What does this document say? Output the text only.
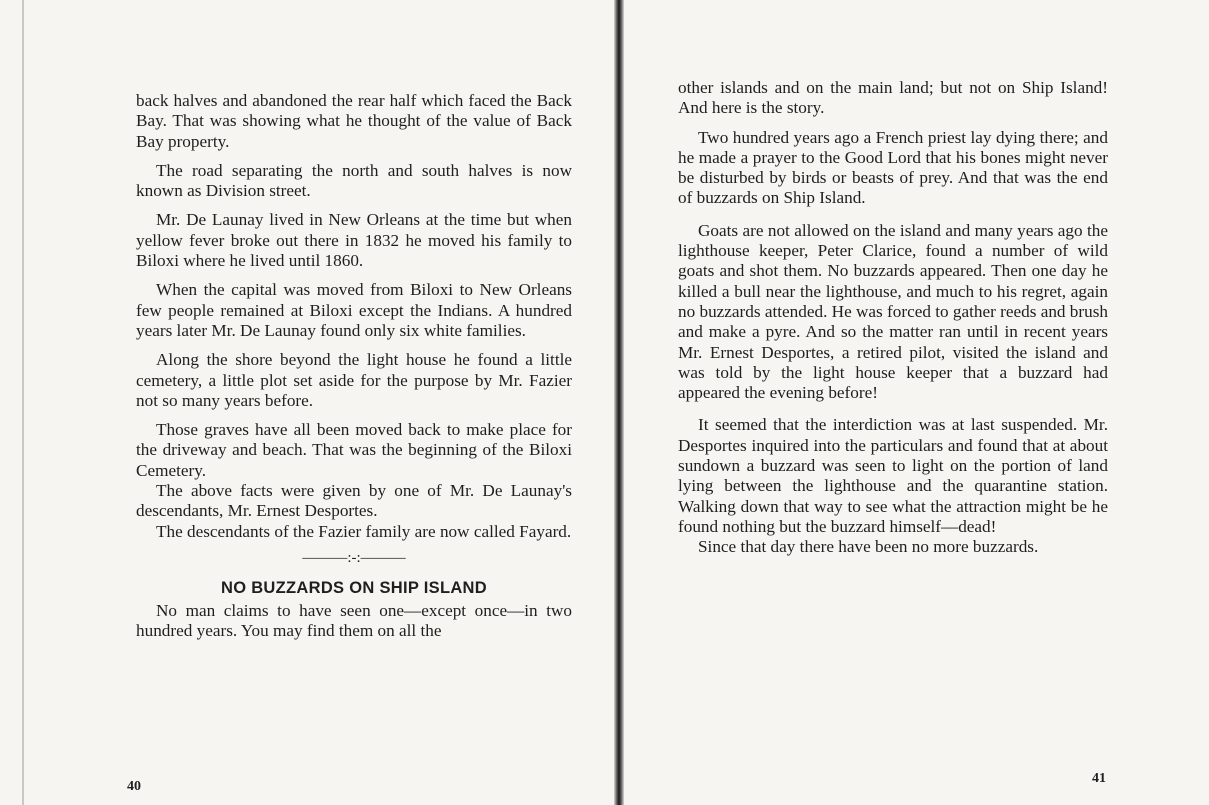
back halves and abandoned the rear half which faced the Back Bay. That was showing what he thought of the value of Back Bay property.

The road separating the north and south halves is now known as Division street.

Mr. De Launay lived in New Orleans at the time but when yellow fever broke out there in 1832 he moved his family to Biloxi where he lived until 1860.

When the capital was moved from Biloxi to New Orleans few people remained at Biloxi except the Indians. A hundred years later Mr. De Launay found only six white families.

Along the shore beyond the light house he found a little cemetery, a little plot set aside for the purpose by Mr. Fazier not so many years before.

Those graves have all been moved back to make place for the driveway and beach. That was the beginning of the Biloxi Cemetery.

The above facts were given by one of Mr. De Launay's descendants, Mr. Ernest Desportes.

The descendants of the Fazier family are now called Fayard.

———:-:———
NO BUZZARDS ON SHIP ISLAND

No man claims to have seen one—except once—in two hundred years. You may find them on all the

other islands and on the main land; but not on Ship Island! And here is the story.

Two hundred years ago a French priest lay dying there; and he made a prayer to the Good Lord that his bones might never be disturbed by birds or beasts of prey. And that was the end of buzzards on Ship Island.

Goats are not allowed on the island and many years ago the lighthouse keeper, Peter Clarice, found a number of wild goats and shot them. No buzzards appeared. Then one day he killed a bull near the lighthouse, and much to his regret, again no buzzards attended. He was forced to gather reeds and brush and make a pyre. And so the matter ran until in recent years Mr. Ernest Desportes, a retired pilot, visited the island and was told by the light house keeper that a buzzard had appeared the evening before!

It seemed that the interdiction was at last suspended. Mr. Desportes inquired into the particulars and found that at about sundown a buzzard was seen to light on the portion of land lying between the lighthouse and the quarantine station. Walking down that way to see what the attraction might be he found nothing but the buzzard himself—dead!

Since that day there have been no more buzzards.

40
41
